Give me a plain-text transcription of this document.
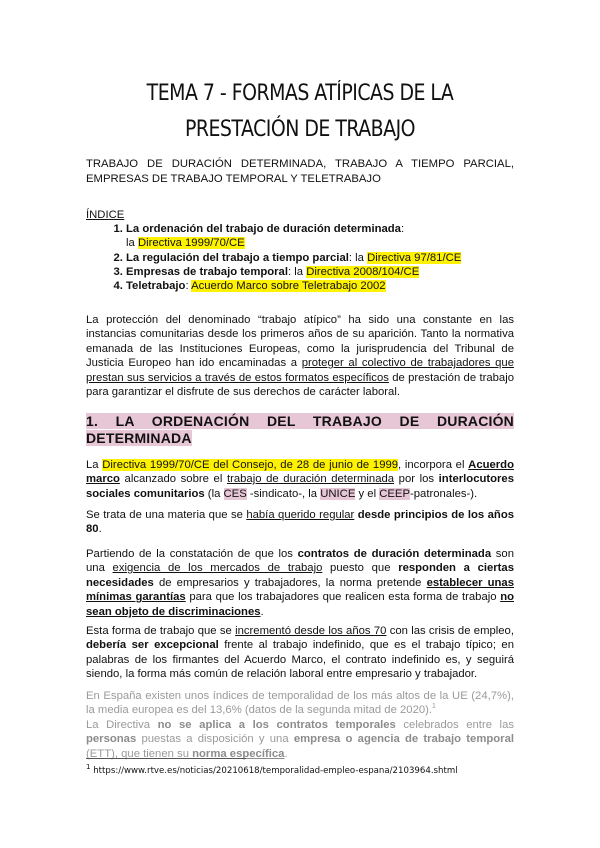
TEMA 7 - FORMAS ATÍPICAS DE LA PRESTACIÓN DE TRABAJO
TRABAJO DE DURACIÓN DETERMINADA, TRABAJO A TIEMPO PARCIAL, EMPRESAS DE TRABAJO TEMPORAL Y TELETRABAJO
ÍNDICE
1. La ordenación del trabajo de duración determinada:
la Directiva 1999/70/CE
2. La regulación del trabajo a tiempo parcial: la Directiva 97/81/CE
3. Empresas de trabajo temporal: la Directiva 2008/104/CE
4. Teletrabajo: Acuerdo Marco sobre Teletrabajo 2002

La protección del denominado “trabajo atípico” ha sido una constante en las instancias comunitarias desde los primeros años de su aparición. Tanto la normativa emanada de las Instituciones Europeas, como la jurisprudencia del Tribunal de Justicia Europeo han ido encaminadas a proteger al colectivo de trabajadores que prestan sus servicios a través de estos formatos específicos de prestación de trabajo para garantizar el disfrute de sus derechos de carácter laboral.

1. LA ORDENACIÓN DEL TRABAJO DE DURACIÓN DETERMINADA

La Directiva 1999/70/CE del Consejo, de 28 de junio de 1999, incorpora el Acuerdo marco alcanzado sobre el trabajo de duración determinada por los interlocutores sociales comunitarios (la CES -sindicato-, la UNICE y el CEEP-patronales-).

Se trata de una materia que se había querido regular desde principios de los años 80.

Partiendo de la constatación de que los contratos de duración determinada son una exigencia de los mercados de trabajo puesto que responden a ciertas necesidades de empresarios y trabajadores, la norma pretende establecer unas mínimas garantías para que los trabajadores que realicen esta forma de trabajo no sean objeto de discriminaciones.

Esta forma de trabajo que se incrementó desde los años 70 con las crisis de empleo, debería ser excepcional frente al trabajo indefinido, que es el trabajo típico; en palabras de los firmantes del Acuerdo Marco, el contrato indefinido es, y seguirá siendo, la forma más común de relación laboral entre empresario y trabajador.

En España existen unos índices de temporalidad de los más altos de la UE (24,7%), la media europea es del 13,6% (datos de la segunda mitad de 2020).$^1$
La Directiva no se aplica a los contratos temporales celebrados entre las personas puestas a disposición y una empresa o agencia de trabajo temporal (ETT), que tienen su norma específica.

$^1$ https://www.rtve.es/noticias/20210618/temporalidad-empleo-espana/2103964.shtml
